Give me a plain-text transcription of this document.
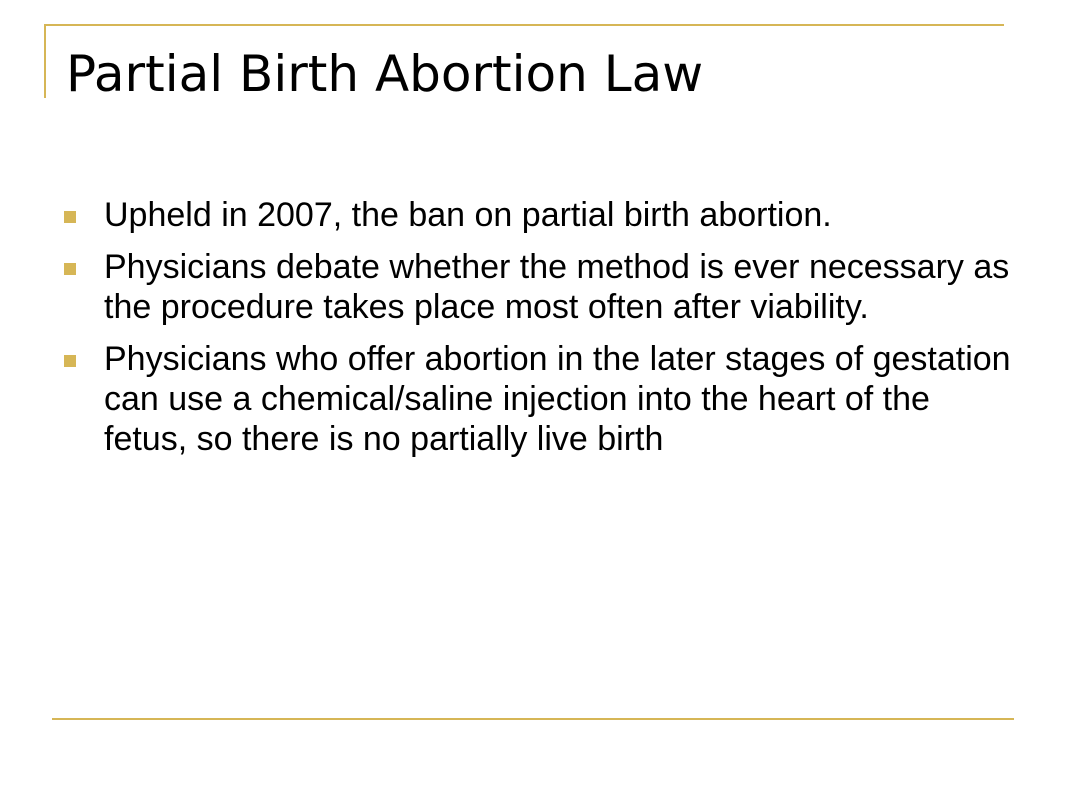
Partial Birth Abortion Law
Upheld in 2007, the ban on partial birth abortion.
Physicians debate whether the method is ever necessary as the procedure takes place most often after viability.
Physicians who offer abortion in the later stages of gestation can use a chemical/saline injection into the heart of the fetus, so there is no partially live birth
